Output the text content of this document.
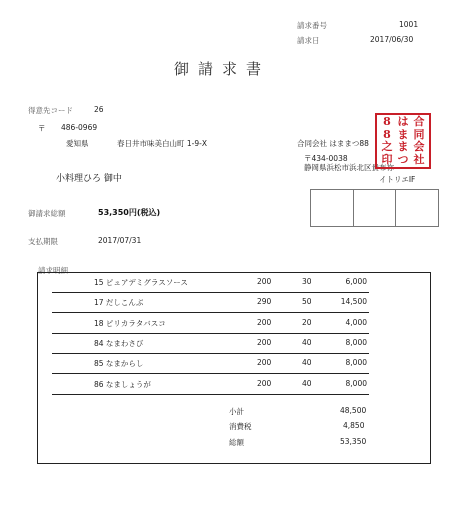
請求番号	1001
請求日	2017/06/30
御請求書
得意先コード	26
〒 486-0969
愛知県	春日井市味美白山町 1-9-X
小料理ひろ 御中
合同会社 はままつ88
〒434-0038
静岡県浜松市浜北区貴布祢
イトリエIF
合
同
会
社
は
ま
ま
つ
8
8
之
印
御請求総額	53,350円(税込)
支払期限	2017/07/31
請求明細
15 ピュアデミグラスソース	200	30	6,000
17 だしこんぶ	290	50	14,500
18 ピリカラタバスコ	200	20	4,000
84 なまわさび	200	40	8,000
85 なまからし	200	40	8,000
86 なましょうが	200	40	8,000
小計	48,500
消費税	4,850
総額	53,350
